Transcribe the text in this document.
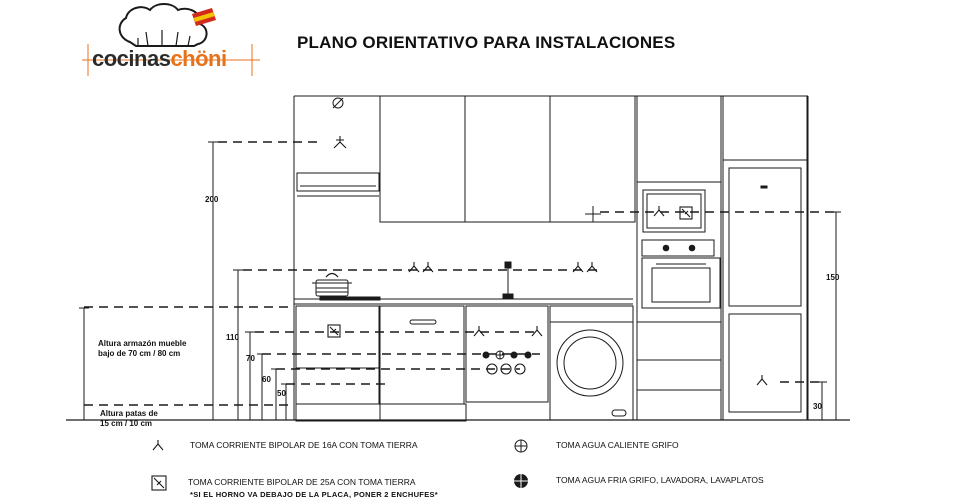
cocinaschöni
PLANO ORIENTATIVO PARA INSTALACIONES
200
110
70
60
50
150
30
Altura armazón mueble
bajo de 70 cm / 80 cm
Altura patas de
15 cm / 10 cm
TOMA CORRIENTE BIPOLAR DE 16A CON TOMA TIERRA	TOMA AGUA CALIENTE GRIFO
TOMA CORRIENTE BIPOLAR DE 25A CON TOMA TIERRA	TOMA AGUA FRIA GRIFO, LAVADORA, LAVAPLATOS
*SI EL HORNO VA DEBAJO DE LA PLACA, PONER 2 ENCHUFES*
